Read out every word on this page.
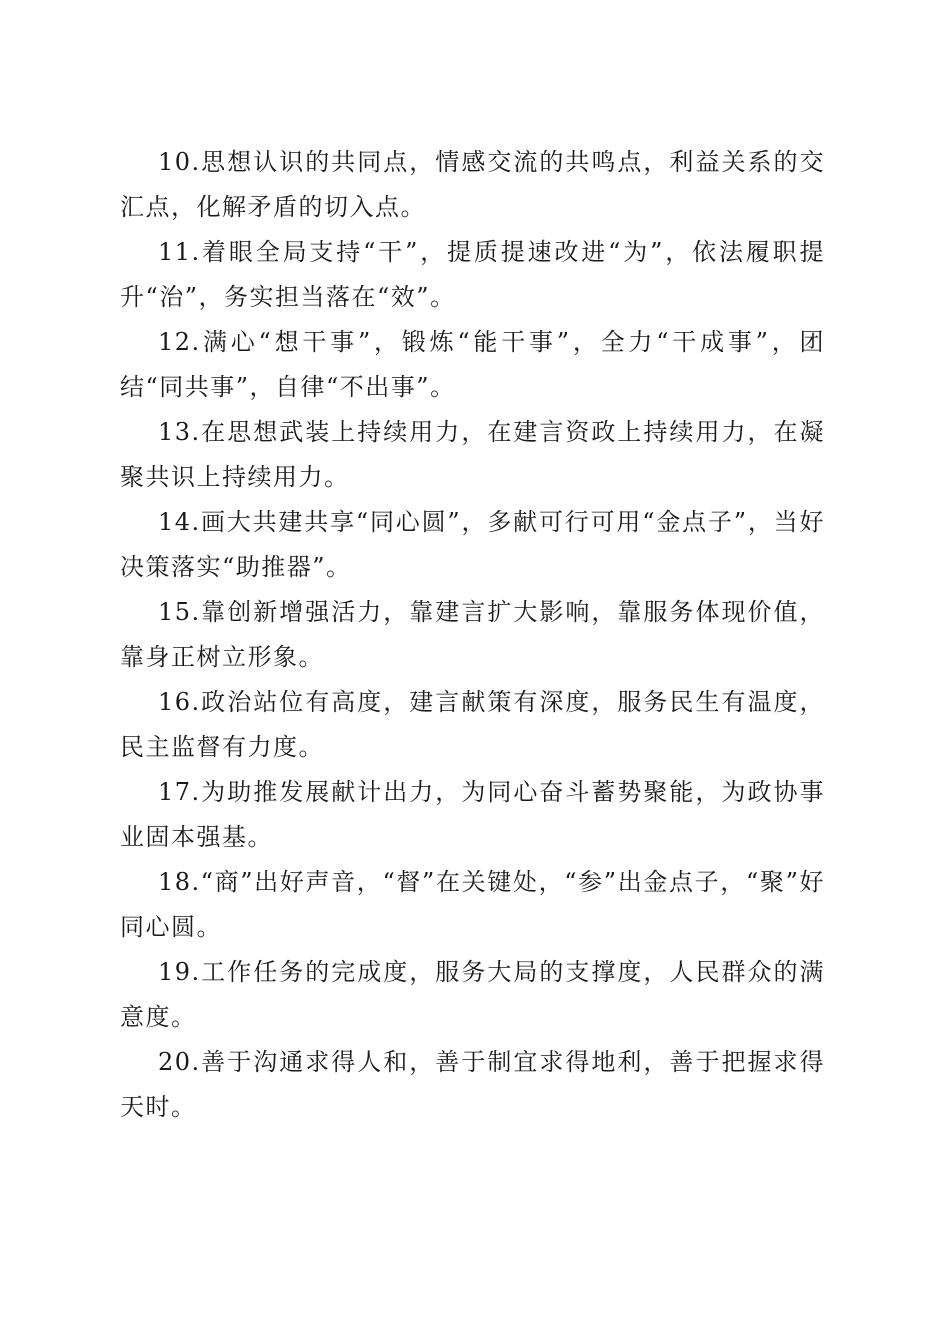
10.思想认识的共同点，情感交流的共鸣点，利益关系的交汇点，化解矛盾的切入点。

11.着眼全局支持“干”，提质提速改进“为”，依法履职提升“治”，务实担当落在“效”。

12.满心“想干事”，锻炼“能干事”，全力“干成事”，团结“同共事”，自律“不出事”。

13.在思想武装上持续用力，在建言资政上持续用力，在凝聚共识上持续用力。

14.画大共建共享“同心圆”，多献可行可用“金点子”，当好决策落实“助推器”。

15.靠创新增强活力，靠建言扩大影响，靠服务体现价值，靠身正树立形象。

16.政治站位有高度，建言献策有深度，服务民生有温度，民主监督有力度。

17.为助推发展献计出力，为同心奋斗蓄势聚能，为政协事业固本强基。

18.“商”出好声音，“督”在关键处，“参”出金点子，“聚”好同心圆。

19.工作任务的完成度，服务大局的支撑度，人民群众的满意度。

20.善于沟通求得人和，善于制宜求得地利，善于把握求得天时。
